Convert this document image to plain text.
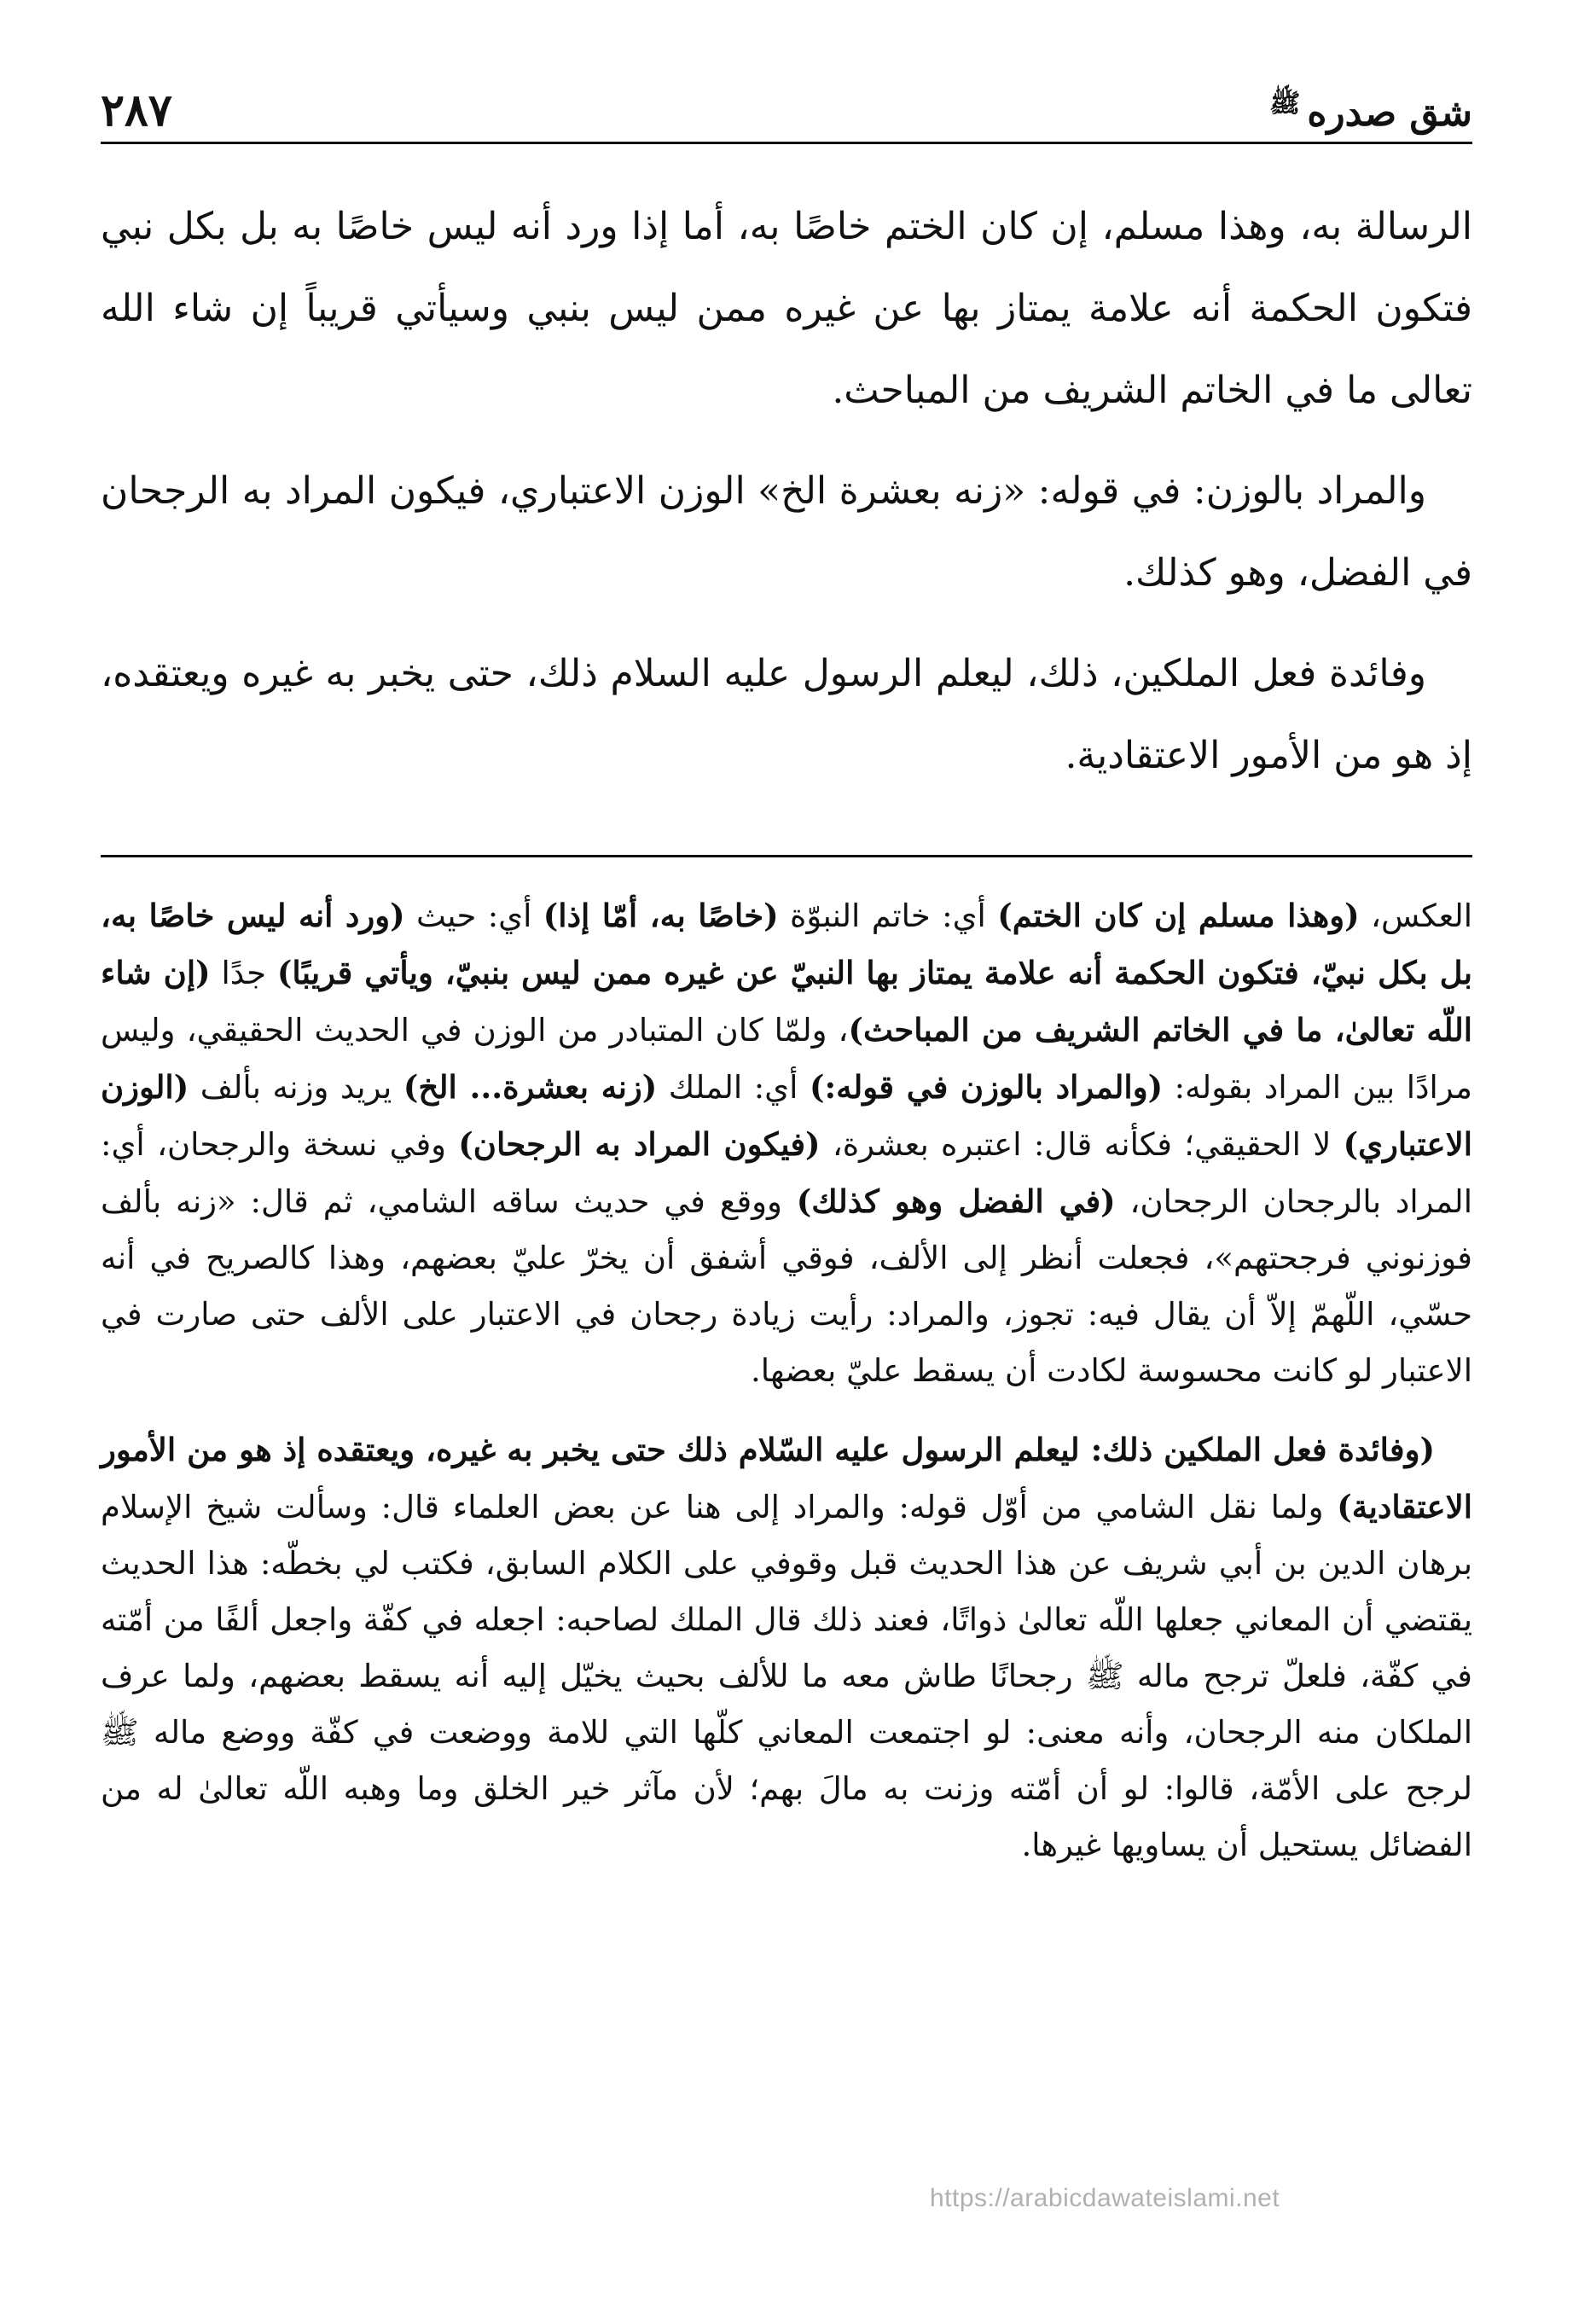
شق صدره
ﷺ
٢٨٧

الرسالة به، وهذا مسلم، إن كان الختم خاصًا به، أما إذا ورد أنه ليس خاصًا به بل بكل نبي فتكون الحكمة أنه علامة يمتاز بها عن غيره ممن ليس بنبي وسيأتي قريباً إن شاء الله تعالى ما في الخاتم الشريف من المباحث.

والمراد بالوزن: في قوله: «زنه بعشرة الخ» الوزن الاعتباري، فيكون المراد به الرجحان في الفضل، وهو كذلك.

وفائدة فعل الملكين، ذلك، ليعلم الرسول عليه السلام ذلك، حتى يخبر به غيره ويعتقده، إذ هو من الأمور الاعتقادية.

العكس، (وهذا مسلم إن كان الختم) أي: خاتم النبوّة (خاصًا به، أمّا إذا) أي: حيث (ورد أنه ليس خاصًا به، بل بكل نبيّ، فتكون الحكمة أنه علامة يمتاز بها النبيّ عن غيره ممن ليس بنبيّ، ويأتي قريبًا) جدًا (إن شاء اللّه تعالىٰ، ما في الخاتم الشريف من المباحث)، ولمّا كان المتبادر من الوزن في الحديث الحقيقي، وليس مرادًا بين المراد بقوله: (والمراد بالوزن في قوله:) أي: الملك (زنه بعشرة... الخ) يريد وزنه بألف (الوزن الاعتباري) لا الحقيقي؛ فكأنه قال: اعتبره بعشرة، (فيكون المراد به الرجحان) وفي نسخة والرجحان، أي: المراد بالرجحان الرجحان، (في الفضل وهو كذلك) ووقع في حديث ساقه الشامي، ثم قال: «زنه بألف فوزنوني فرجحتهم»، فجعلت أنظر إلى الألف، فوقي أشفق أن يخرّ عليّ بعضهم، وهذا كالصريح في أنه حسّي، اللّهمّ إلاّ أن يقال فيه: تجوز، والمراد: رأيت زيادة رجحان في الاعتبار على الألف حتى صارت في الاعتبار لو كانت محسوسة لكادت أن يسقط عليّ بعضها.

(وفائدة فعل الملكين ذلك: ليعلم الرسول عليه السّلام ذلك حتى يخبر به غيره، ويعتقده إذ هو من الأمور الاعتقادية) ولما نقل الشامي من أوّل قوله: والمراد إلى هنا عن بعض العلماء قال: وسألت شيخ الإسلام برهان الدين بن أبي شريف عن هذا الحديث قبل وقوفي على الكلام السابق، فكتب لي بخطّه: هذا الحديث يقتضي أن المعاني جعلها اللّه تعالىٰ ذواتًا، فعند ذلك قال الملك لصاحبه: اجعله في كفّة واجعل ألفًا من أمّته في كفّة، فلعلّ ترجح ماله ﷺ رجحانًا طاش معه ما للألف بحيث يخيّل إليه أنه يسقط بعضهم، ولما عرف الملكان منه الرجحان، وأنه معنى: لو اجتمعت المعاني كلّها التي للامة ووضعت في كفّة ووضع ماله ﷺ لرجح على الأمّة، قالوا: لو أن أمّته وزنت به مالَ بهم؛ لأن مآثر خير الخلق وما وهبه اللّه تعالىٰ له من الفضائل يستحيل أن يساويها غيرها.

https://arabicdawateislami.net
